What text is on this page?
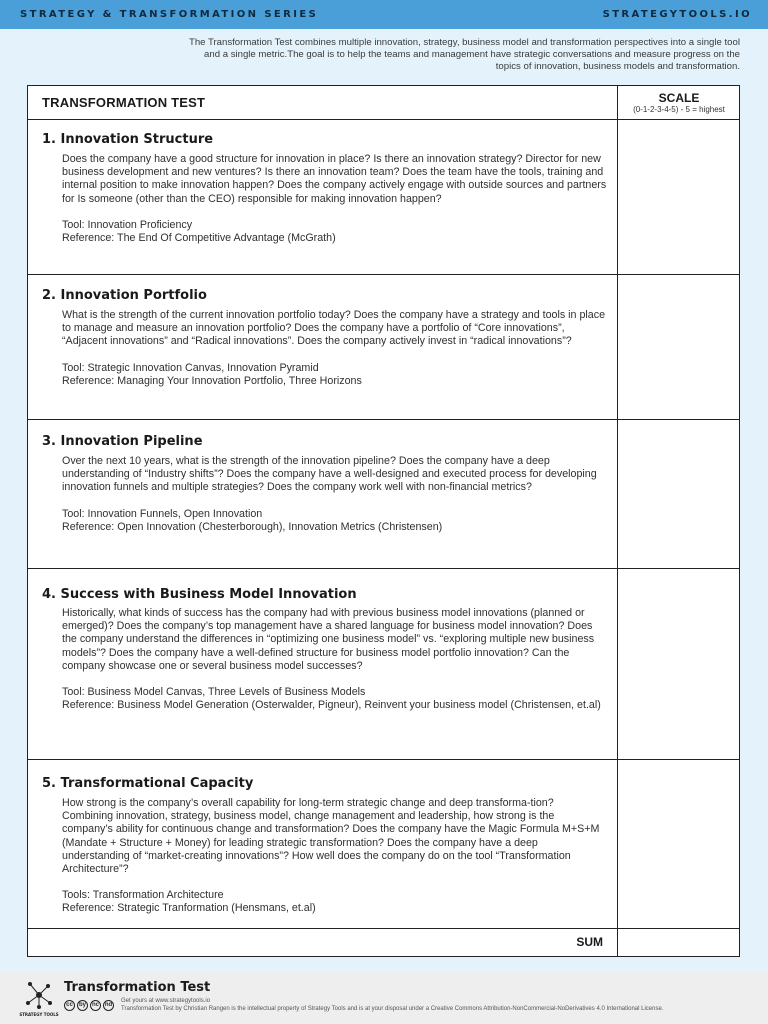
STRATEGY & TRANSFORMATION SERIES	STRATEGYTOOLS.IO
The Transformation Test combines multiple innovation, strategy, business model and transformation perspectives into a single tool and a single metric.The goal is to help the teams and management have strategic conversations and measure progress on the topics of innovation, business models and transformation.
TRANSFORMATION TEST	SCALE
(0-1-2-3-4-5) - 5 = highest
1. Innovation Structure
Does the company have a good structure for innovation in place? Is there an innovation strategy? Director for new business development and new ventures? Is there an innovation team? Does the team have the tools, training and internal position to make innovation happen? Does the company actively engage with outside sources and partners for Is someone (other than the CEO) responsible for making innovation happen?
Tool: Innovation Proficiency
Reference: The End Of Competitive Advantage (McGrath)
2. Innovation Portfolio
What is the strength of the current innovation portfolio today? Does the company have a strategy and tools in place to manage and measure an innovation portfolio? Does the company have a portfolio of “Core innovations”, “Adjacent innovations” and “Radical innovations”. Does the company actively invest in “radical innovations”?
Tool: Strategic Innovation Canvas, Innovation Pyramid
Reference: Managing Your Innovation Portfolio, Three Horizons
3. Innovation Pipeline
Over the next 10 years, what is the strength of the innovation pipeline? Does the company have a deep understanding of “Industry shifts”? Does the company have a well-designed and executed process for developing innovation funnels and multiple strategies? Does the company work well with non-financial metrics?
Tool: Innovation Funnels, Open Innovation
Reference: Open Innovation (Chesterborough), Innovation Metrics (Christensen)
4. Success with Business Model Innovation
Historically, what kinds of success has the company had with previous business model innovations (planned or emerged)? Does the company’s top management have a shared language for business model innovation? Does the company understand the differences in “optimizing one business model” vs. “exploring multiple new business models”? Does the company have a well-defined structure for business model portfolio innovation? Can the company showcase one or several business model successes?
Tool: Business Model Canvas, Three Levels of Business Models
Reference: Business Model Generation (Osterwalder, Pigneur), Reinvent your business model (Christensen, et.al)
5. Transformational Capacity
How strong is the company’s overall capability for long-term strategic change and deep transforma-tion? Combining innovation, strategy, business model, change management and leadership, how strong is the company’s ability for continuous change and transformation? Does the company have the Magic Formula M+S+M (Mandate + Structure + Money) for leading strategic transformation? Does the company have a deep understanding of “market-creating innovations”? How well does the company do on the tool “Transformation Architecture”?
Tools: Transformation Architecture
Reference: Strategic Tranformation (Hensmans, et.al)
SUM
STRATEGY TOOLS
Transformation Test
cc	by nc nd
Get yours at www.strategytools.io
Transformation Test by Christian Rangen is the intellectual property of Strategy Tools and is at your disposal under a Creative Commons Attribution-NonCommercial-NoDerivatives 4.0 International License.
